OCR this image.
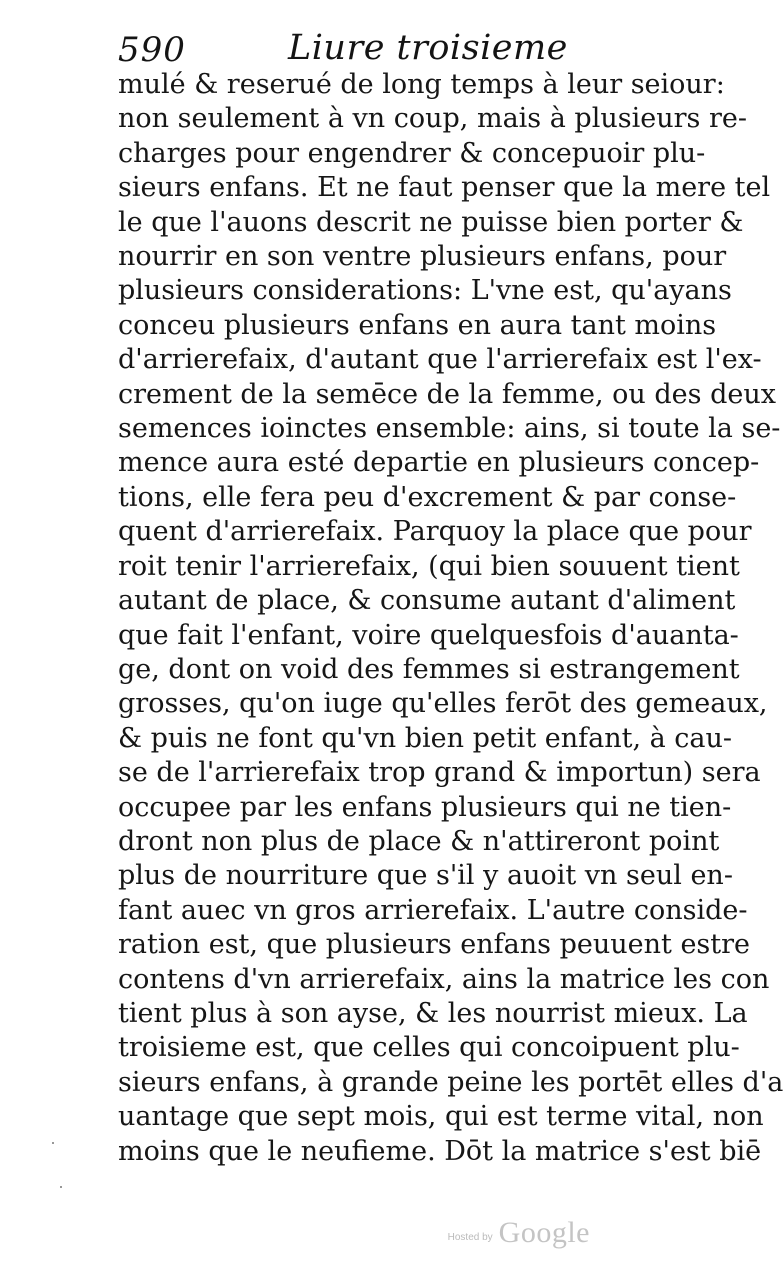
590	Liure troisieme
mulé & reserué de long temps à leur seiour:
non seulement à vn coup, mais à plusieurs re-
charges pour engendrer & concepuoir plu-
sieurs enfans. Et ne faut penser que la mere tel
le que l'auons descrit ne puisse bien porter &
nourrir en son ventre plusieurs enfans, pour
plusieurs considerations: L'vne est, qu'ayans
conceu plusieurs enfans en aura tant moins
d'arrierefaix, d'autant que l'arrierefaix est l'ex-
crement de la semēce de la femme, ou des deux
semences ioinctes ensemble: ains, si toute la se-
mence aura esté departie en plusieurs concep-
tions, elle fera peu d'excrement & par conse-
quent d'arrierefaix. Parquoy la place que pour
roit tenir l'arrierefaix, (qui bien souuent tient
autant de place, & consume autant d'aliment
que fait l'enfant, voire quelquesfois d'auanta-
ge, dont on void des femmes si estrangement
grosses, qu'on iuge qu'elles ferōt des gemeaux,
& puis ne font qu'vn bien petit enfant, à cau-
se de l'arrierefaix trop grand & importun) sera
occupee par les enfans plusieurs qui ne tien-
dront non plus de place & n'attireront point
plus de nourriture que s'il y auoit vn seul en-
fant auec vn gros arrierefaix. L'autre conside-
ration est, que plusieurs enfans peuuent estre
contens d'vn arrierefaix, ains la matrice les con
tient plus à son ayse, & les nourrist mieux. La
troisieme est, que celles qui concoipuent plu-
sieurs enfans, à grande peine les portēt elles d'a
uantage que sept mois, qui est terme vital, non
moins que le neufieme. Dōt la matrice s'est biē
Hosted by Google
